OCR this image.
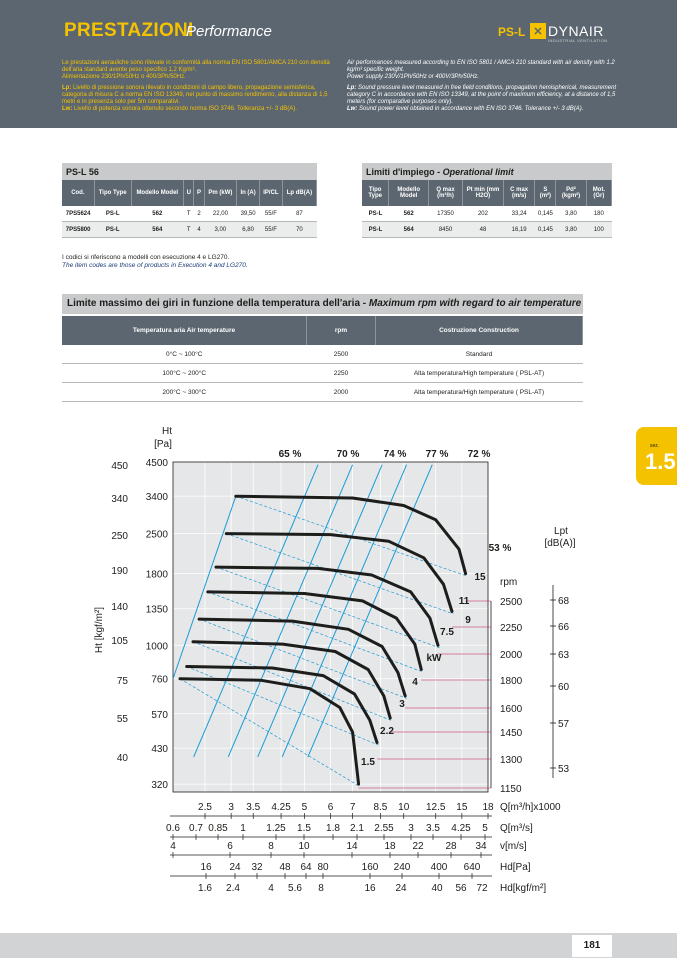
PRESTAZIONI
Performance	PS-L ✕ DYNAIR
INDUSTRIAL VENTILATION

Le prestazioni aerauliche sono rilevate in conformità alla norma EN ISO 5801/AMCA 210 con densità dell'aria standard avente peso specifico 1,2 Kg/m³.
Alimentazione 230/1Ph/50Hz o 400/3Ph/50Hz.

Lp: Livello di pressione sonora rilevato in condizioni di campo libero, propagazione semisferica, categoria di misura C a norma EN ISO 13349, nel punto di massimo rendimento, alla distanza di 1,5 metri e in presenza solo per 5m comparativi.
Lw: Livello di potenza sonora ottenuto secondo norma ISO 3746. Tolleranza +/- 3 dB(A).

Air performances measured according to EN ISO 5801 / AMCA 210 standard with air density with 1.2 kg/m³ specific weight.
Power supply 230V/1Ph/50Hz or 400V/3Ph/50Hz.

Lp: Sound pressure level measured in free field conditions, propagation hemispherical, measurement category C in accordance with EN ISO 13349, at the point of maximum efficiency, at a distance of 1,5 meters (for comparative purposes only).
Lw: Sound power level obtained in accordance with EN ISO 3746. Tolerance +/- 3 dB(A).

PS-L 56								
Cod.	Tipo Type	Modello Model	U	P	Pm (kW)	In (A)	IP/CL	Lp dB(A)
7PS5624	PS-L	562	T	2	22,00	39,50	55/F	87
7PS5800	PS-L	564	T	4	3,00	6,80	55/F	70
Limiti d'impiego - Operational limit							
Tipo Type	Modello Model	Q max (m³/h)	Pt min (mm H2O)	C max (m/s)	S (m²)	Pd² (kgm²)	Mot. (Gr)
PS-L	562	17350	202	33,24	0,145	3,80	180
PS-L	564	8450	48	16,19	0,145	3,80	100
I codici si riferiscono a modelli con esecuzione 4 e LG270.
The item codes are those of products in Execution 4 and LG270.
Limite massimo dei giri in funzione della temperatura dell'aria - Maximum rpm with regard to air temperature
Temperatura aria Air temperature	rpm	Costruzione Construction
0°C ~ 100°C	2500	Standard
100°C ~ 200°C	2250	Alta temperatura/High temperature ( PSL-AT)
200°C ~ 300°C	2000	Alta temperatura/High temperature ( PSL-AT)
65 %	70 % 74 % 77 % 72 %
53 %
rpm
2500
2250
2000
1800
1600
1450
1300
1150
Ht
[Pa]
4500
3400
2500
1800
1350
1000
760
570
430
320
450
340
250
190
140
105
75
55
40
Ht [kgf/m²]
2.5 3 3.5 4.25 5 6 7 8.5 10 12.5 15 18 Q[m³/h]x1000
0.6 0.7 0.85 1 1.25 1.5 1.8 2.1 2.55 3 3.5 4.25 5 Q[m³/s]
4	6	8 10	14	18 22 28 34 v[m/s]
16 24 32 48 64 80	160 240 400 640 Hd[Pa]
1.6 2.4	4 5.6 8	16 24 40 56 72 Hd[kgf/m²]
15
11
9
7.5
kW
4
3
2.2
1.5
Lpt
[dB(A)]
68
66
63
60
57
53
sez.
1.5
181
